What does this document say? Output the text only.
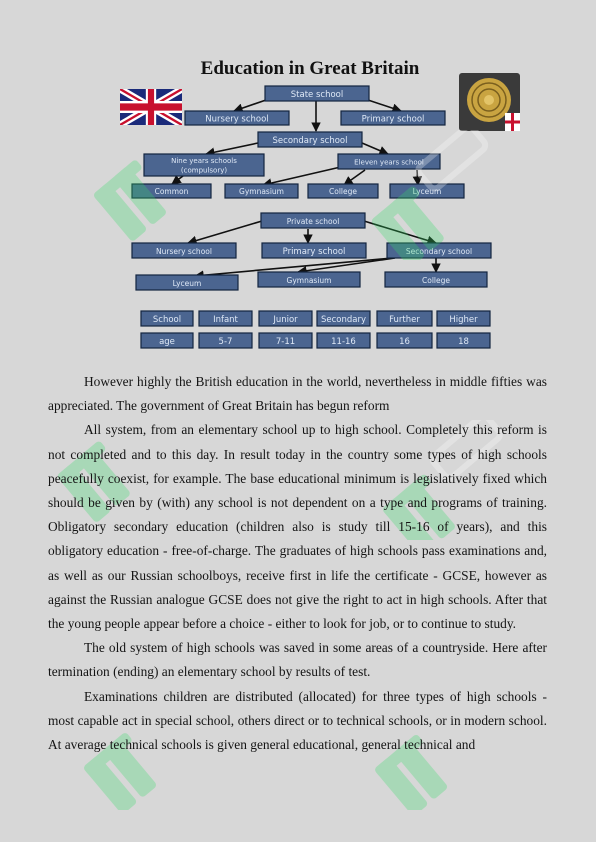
Education in Great Britain
State school
Nursery school	Primary school
Secondary school
Nine years schools
(compulsory)
Eleven years school
Common	Gymnasium	College	Lyceum
Private school
Nursery school	Primary school	Secondary school
Lyceum	Gymnasium	College
School	Infant	Junior	Secondary	Further	Higher
age	5-7	7-11	11-16	16	18

However highly the British education in the world, nevertheless in middle fifties was appreciated. The government of Great Britain has begun reform

All system, from an elementary school up to high school. Completely this reform is not completed and to this day. In result today in the country some types of high schools peacefully coexist, for example. The base educational minimum is legislatively fixed which should be given by (with) any school is not dependent on a type and programs of training. Obligatory secondary education (children also is study till 15-16 of years), and this obligatory education - free-of-charge. The graduates of high schools pass examinations and, as well as our Russian schoolboys, receive first in life the certificate - GCSE, however as against the Russian analogue GCSE does not give the right to act in high schools. After that the young people appear before a choice - either to look for job, or to continue to study.

The old system of high schools was saved in some areas of a countryside. Here after termination (ending) an elementary school by results of test.

Examinations children are distributed (allocated) for three types of high schools - most capable act in special school, others direct or to technical schools, or in modern school. At average technical schools is given general educational, general technical and
